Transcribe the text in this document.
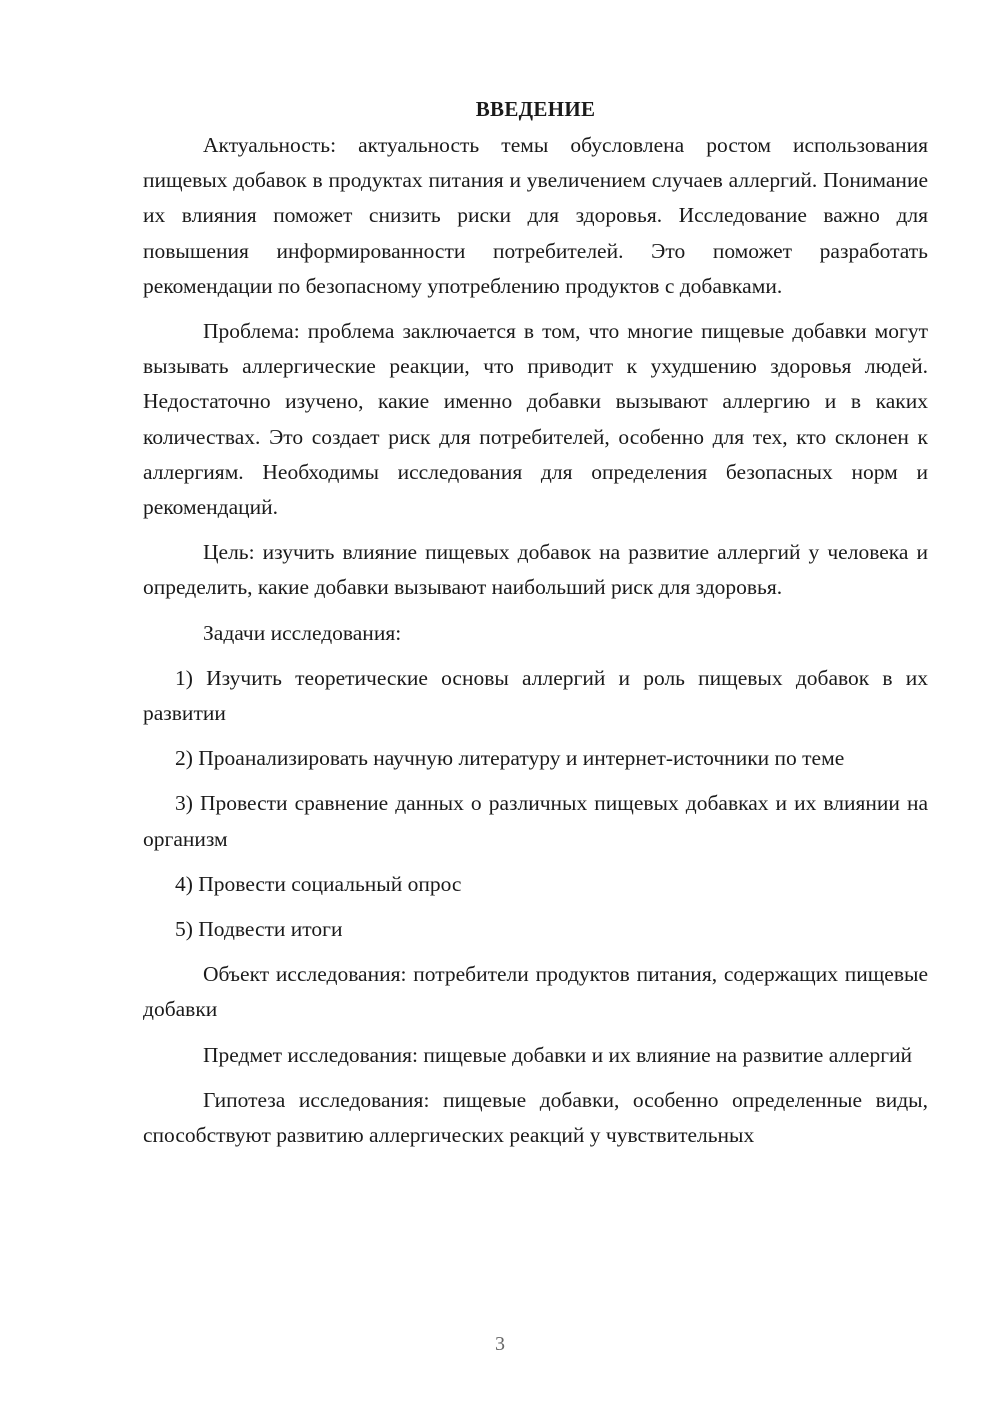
ВВЕДЕНИЕ

Актуальность: актуальность темы обусловлена ростом использования пищевых добавок в продуктах питания и увеличением случаев аллергий. Понимание их влияния поможет снизить риски для здоровья. Исследование важно для повышения информированности потребителей. Это поможет разработать рекомендации по безопасному употреблению продуктов с добавками.

Проблема: проблема заключается в том, что многие пищевые добавки могут вызывать аллергические реакции, что приводит к ухудшению здоровья людей. Недостаточно изучено, какие именно добавки вызывают аллергию и в каких количествах. Это создает риск для потребителей, особенно для тех, кто склонен к аллергиям. Необходимы исследования для определения безопасных норм и рекомендаций.

Цель: изучить влияние пищевых добавок на развитие аллергий у человека и определить, какие добавки вызывают наибольший риск для здоровья.

Задачи исследования:

1) Изучить теоретические основы аллергий и роль пищевых добавок в их развитии

2) Проанализировать научную литературу и интернет-источники по теме

3) Провести сравнение данных о различных пищевых добавках и их влиянии на организм

4) Провести социальный опрос

5) Подвести итоги

Объект исследования: потребители продуктов питания, содержащих пищевые добавки

Предмет исследования: пищевые добавки и их влияние на развитие аллергий

Гипотеза исследования: пищевые добавки, особенно определенные виды, способствуют развитию аллергических реакций у чувствительных

3
